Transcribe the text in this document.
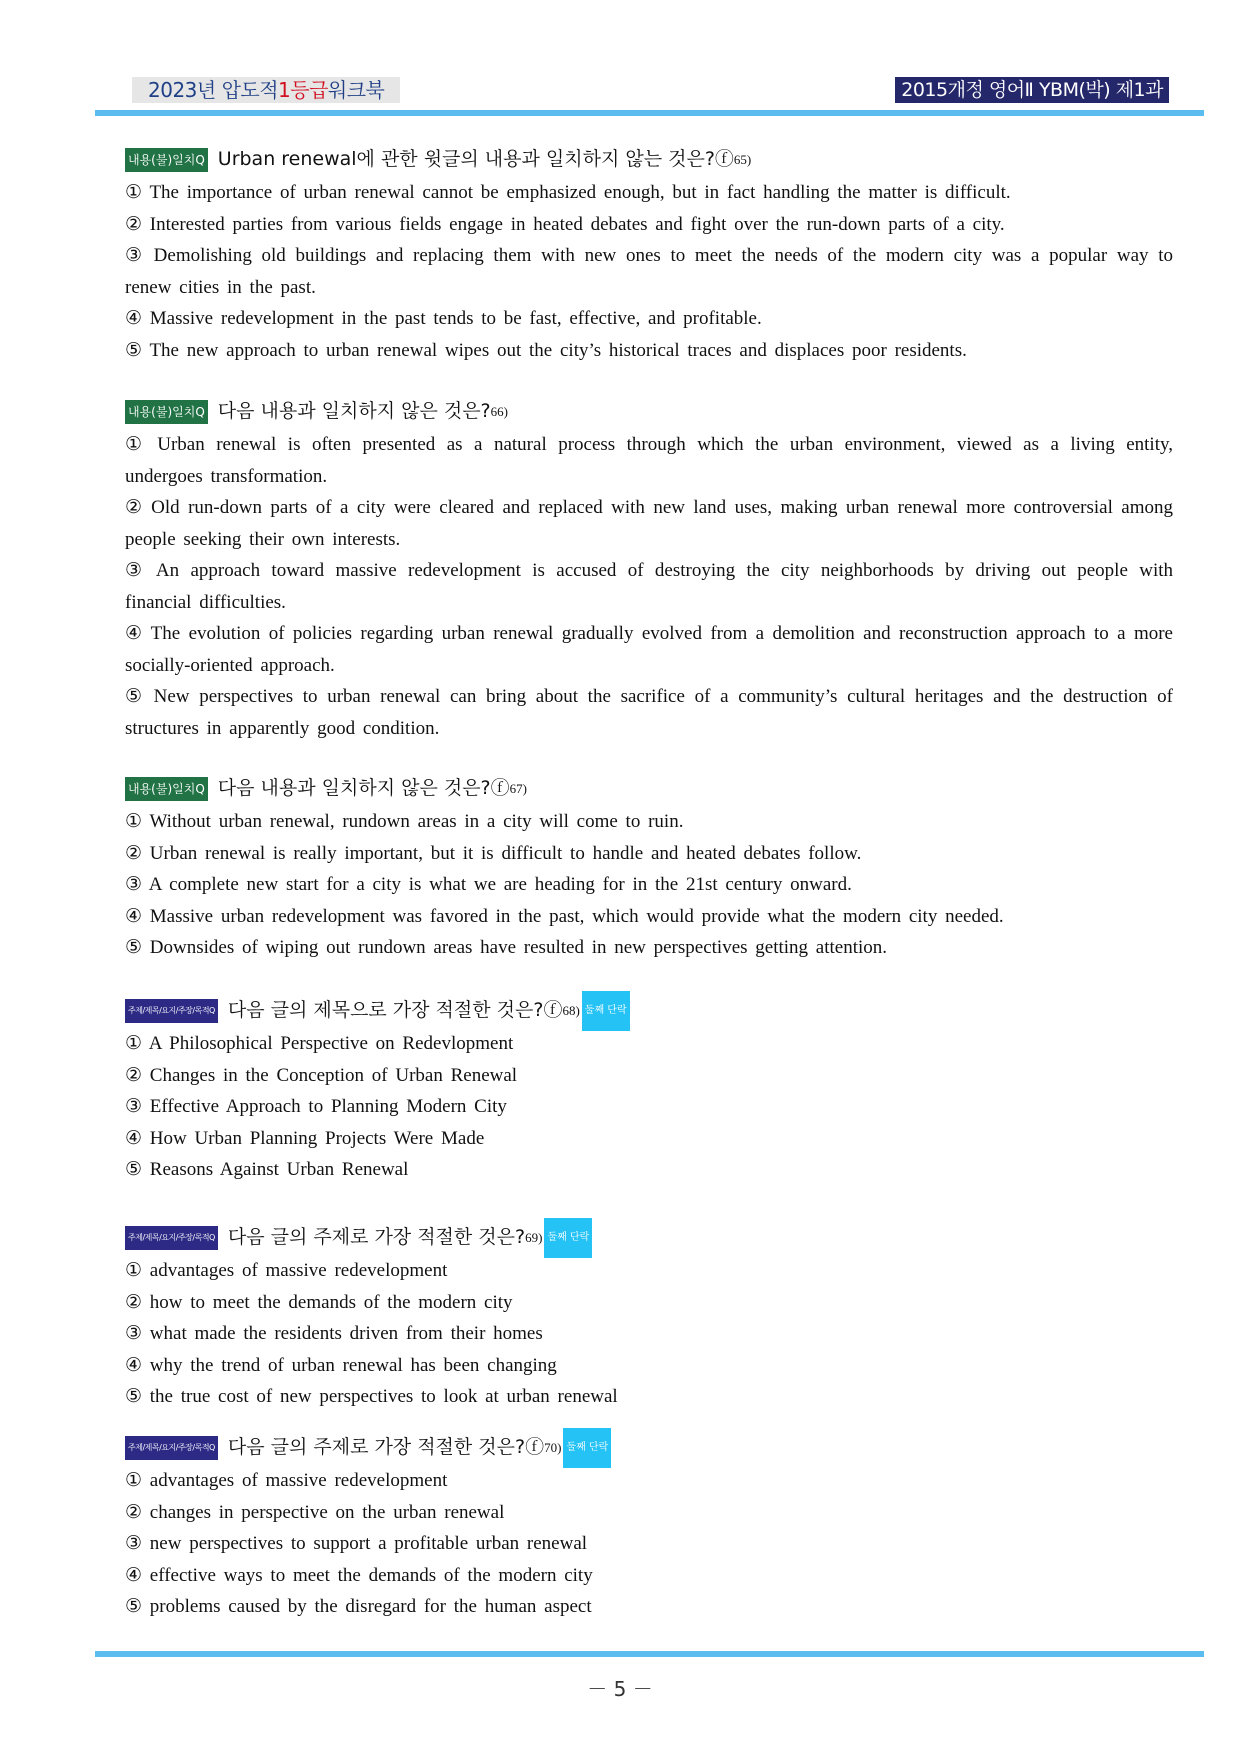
2023년 압도적1등급워크북	2015개정 영어Ⅱ YBM(박) 제1과
내용(불)일치Q Urban renewal에 관한 윗글의 내용과 일치하지 않는 것은?ⓕ 65)
① The importance of urban renewal cannot be emphasized enough, but in fact handling the matter is difficult.
② Interested parties from various fields engage in heated debates and fight over the run-down parts of a city.
③ Demolishing old buildings and replacing them with new ones to meet the needs of the modern city was a popular way to renew cities in the past.
④ Massive redevelopment in the past tends to be fast, effective, and profitable.
⑤ The new approach to urban renewal wipes out the city’s historical traces and displaces poor residents.
내용(불)일치Q 다음 내용과 일치하지 않은 것은? 66)
① Urban renewal is often presented as a natural process through which the urban environment, viewed as a living entity, undergoes transformation.
② Old run-down parts of a city were cleared and replaced with new land uses, making urban renewal more controversial among people seeking their own interests.
③ An approach toward massive redevelopment is accused of destroying the city neighborhoods by driving out people with financial difficulties.
④ The evolution of policies regarding urban renewal gradually evolved from a demolition and reconstruction approach to a more socially-oriented approach.
⑤ New perspectives to urban renewal can bring about the sacrifice of a community’s cultural heritages and the destruction of structures in apparently good condition.
내용(불)일치Q 다음 내용과 일치하지 않은 것은?ⓕ 67)
① Without urban renewal, rundown areas in a city will come to ruin.
② Urban renewal is really important, but it is difficult to handle and heated debates follow.
③ A complete new start for a city is what we are heading for in the 21st century onward.
④ Massive urban redevelopment was favored in the past, which would provide what the modern city needed.
⑤ Downsides of wiping out rundown areas have resulted in new perspectives getting attention.
주제/제목/요지/주장/목적Q 다음 글의 제목으로 가장 적절한 것은?ⓕ 68) 둘째 단락
① A Philosophical Perspective on Redevlopment
② Changes in the Conception of Urban Renewal
③ Effective Approach to Planning Modern City
④ How Urban Planning Projects Were Made
⑤ Reasons Against Urban Renewal
주제/제목/요지/주장/목적Q 다음 글의 주제로 가장 적절한 것은? 69) 둘째 단락
① advantages of massive redevelopment
② how to meet the demands of the modern city
③ what made the residents driven from their homes
④ why the trend of urban renewal has been changing
⑤ the true cost of new perspectives to look at urban renewal
주제/제목/요지/주장/목적Q 다음 글의 주제로 가장 적절한 것은?ⓕ 70) 둘째 단락
① advantages of massive redevelopment
② changes in perspective on the urban renewal
③ new perspectives to support a profitable urban renewal
④ effective ways to meet the demands of the modern city
⑤ problems caused by the disregard for the human aspect
－ 5 －
